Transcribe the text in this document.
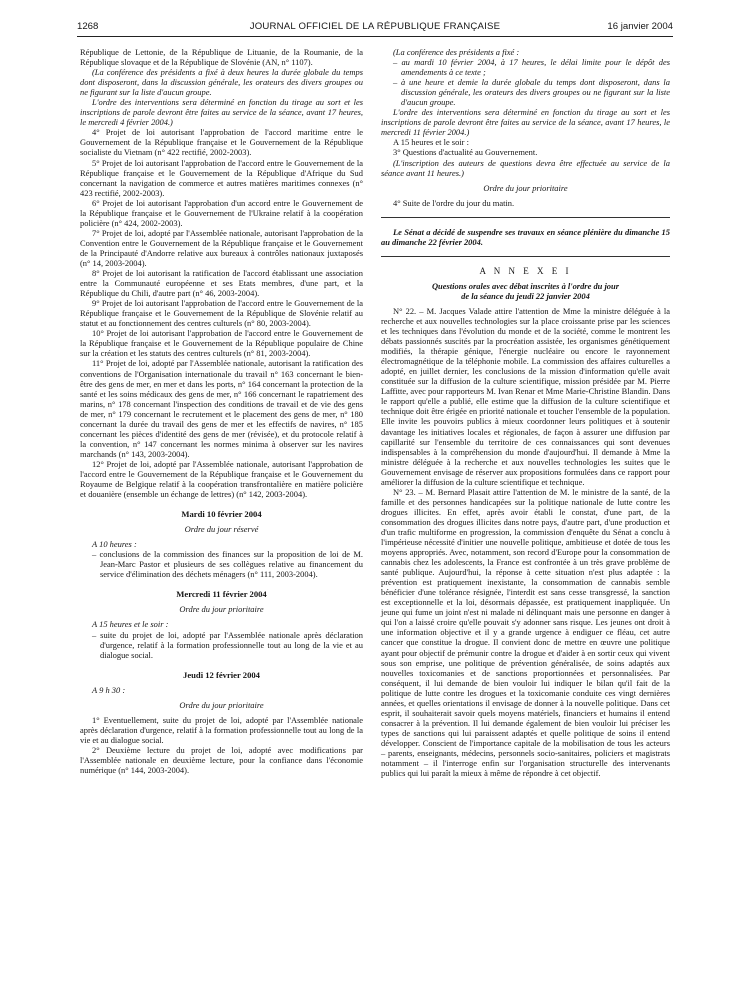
1268	JOURNAL OFFICIEL DE LA RÉPUBLIQUE FRANÇAISE	16 janvier 2004

République de Lettonie, de la République de Lituanie, de la Roumanie, de la République slovaque et de la République de Slovénie (AN, n° 1107).

(La conférence des présidents a fixé à deux heures la durée globale du temps dont disposeront, dans la discussion générale, les orateurs des divers groupes ou ne figurant sur la liste d'aucun groupe.

L'ordre des interventions sera déterminé en fonction du tirage au sort et les inscriptions de parole devront être faites au service de la séance, avant 17 heures, le mercredi 4 février 2004.)

4° Projet de loi autorisant l'approbation de l'accord maritime entre le Gouvernement de la République française et le Gouvernement de la République socialiste du Vietnam (n° 422 rectifié, 2002-2003).

5° Projet de loi autorisant l'approbation de l'accord entre le Gouvernement de la République française et le Gouvernement de la République d'Afrique du Sud concernant la navigation de commerce et autres matières maritimes connexes (n° 423 rectifié, 2002-2003).

6° Projet de loi autorisant l'approbation d'un accord entre le Gouvernement de la République française et le Gouvernement de l'Ukraine relatif à la coopération policière (n° 424, 2002-2003).

7° Projet de loi, adopté par l'Assemblée nationale, autorisant l'approbation de la Convention entre le Gouvernement de la République française et le Gouvernement de la Principauté d'Andorre relative aux bureaux à contrôles nationaux juxtaposés (n° 14, 2003-2004).

8° Projet de loi autorisant la ratification de l'accord établissant une association entre la Communauté européenne et ses Etats membres, d'une part, et la République du Chili, d'autre part (n° 46, 2003-2004).

9° Projet de loi autorisant l'approbation de l'accord entre le Gouvernement de la République française et le Gouvernement de la République de Slovénie relatif au statut et au fonctionnement des centres culturels (n° 80, 2003-2004).

10° Projet de loi autorisant l'approbation de l'accord entre le Gouvernement de la République française et le Gouvernement de la République populaire de Chine sur la création et les statuts des centres culturels (n° 81, 2003-2004).

11° Projet de loi, adopté par l'Assemblée nationale, autorisant la ratification des conventions de l'Organisation internationale du travail n° 163 concernant le bien-être des gens de mer, en mer et dans les ports, n° 164 concernant la protection de la santé et les soins médicaux des gens de mer, n° 166 concernant le rapatriement des marins, n° 178 concernant l'inspection des conditions de travail et de vie des gens de mer, n° 179 concernant le recrutement et le placement des gens de mer, n° 180 concernant la durée du travail des gens de mer et les effectifs de navires, n° 185 concernant les pièces d'identité des gens de mer (révisée), et du protocole relatif à la convention, n° 147 concernant les normes minima à observer sur les navires marchands (n° 143, 2003-2004).

12° Projet de loi, adopté par l'Assemblée nationale, autorisant l'approbation de l'accord entre le Gouvernement de la République française et le Gouvernement du Royaume de Belgique relatif à la coopération transfrontalière en matière policière et douanière (ensemble un échange de lettres) (n° 142, 2003-2004).

Mardi 10 février 2004

Ordre du jour réservé

A 10 heures :

– conclusions de la commission des finances sur la proposition de loi de M. Jean-Marc Pastor et plusieurs de ses collègues relative au financement du service d'élimination des déchets ménagers (n° 111, 2003-2004).

Mercredi 11 février 2004

Ordre du jour prioritaire

A 15 heures et le soir :

– suite du projet de loi, adopté par l'Assemblée nationale après déclaration d'urgence, relatif à la formation professionnelle tout au long de la vie et au dialogue social.

Jeudi 12 février 2004

A 9 h 30 :

Ordre du jour prioritaire

1° Eventuellement, suite du projet de loi, adopté par l'Assemblée nationale après déclaration d'urgence, relatif à la formation professionnelle tout au long de la vie et au dialogue social.

2° Deuxième lecture du projet de loi, adopté avec modifications par l'Assemblée nationale en deuxième lecture, pour la confiance dans l'économie numérique (n° 144, 2003-2004).

(La conférence des présidents a fixé :

– au mardi 10 février 2004, à 17 heures, le délai limite pour le dépôt des amendements à ce texte ;

– à une heure et demie la durée globale du temps dont disposeront, dans la discussion générale, les orateurs des divers groupes ou ne figurant sur la liste d'aucun groupe.

L'ordre des interventions sera déterminé en fonction du tirage au sort et les inscriptions de parole devront être faites au service de la séance, avant 17 heures, le mercredi 11 février 2004.)

A 15 heures et le soir :

3° Questions d'actualité au Gouvernement.

(L'inscription des auteurs de questions devra être effectuée au service de la séance avant 11 heures.)

Ordre du jour prioritaire

4° Suite de l'ordre du jour du matin.

Le Sénat a décidé de suspendre ses travaux en séance plénière du dimanche 15 au dimanche 22 février 2004.

A N N E X E I

Questions orales avec débat inscrites à l'ordre du jour

de la séance du jeudi 22 janvier 2004

N° 22. – M. Jacques Valade attire l'attention de Mme la ministre déléguée à la recherche et aux nouvelles technologies sur la place croissante prise par les sciences et les techniques dans l'évolution du monde et de la société, comme le montrent les débats passionnés suscités par la procréation assistée, les organismes génétiquement modifiés, la thérapie génique, l'énergie nucléaire ou encore le rayonnement électromagnétique de la téléphonie mobile. La commission des affaires culturelles a adopté, en juillet dernier, les conclusions de la mission d'information qu'elle avait constituée sur la diffusion de la culture scientifique, mission présidée par M. Pierre Laffitte, avec pour rapporteurs M. Ivan Renar et Mme Marie-Christine Blandin. Dans le rapport qu'elle a publié, elle estime que la diffusion de la culture scientifique et technique doit être érigée en priorité nationale et toucher l'ensemble de la population. Elle invite les pouvoirs publics à mieux coordonner leurs politiques et à soutenir davantage les initiatives locales et régionales, de façon à assurer une diffusion par capillarité sur l'ensemble du territoire de ces connaissances qui sont devenues indispensables à la compréhension du monde d'aujourd'hui. Il demande à Mme la ministre déléguée à la recherche et aux nouvelles technologies les suites que le Gouvernement envisage de réserver aux propositions formulées dans ce rapport pour améliorer la diffusion de la culture scientifique et technique.

N° 23. – M. Bernard Plasait attire l'attention de M. le ministre de la santé, de la famille et des personnes handicapées sur la politique nationale de lutte contre les drogues illicites. En effet, après avoir établi le constat, d'une part, de la consommation des drogues illicites dans notre pays, d'autre part, d'une production et d'un trafic multiforme en progression, la commission d'enquête du Sénat a conclu à l'impérieuse nécessité d'initier une nouvelle politique, ambitieuse et dotée de tous les moyens appropriés. Avec, notamment, son record d'Europe pour la consommation de cannabis chez les adolescents, la France est confrontée à un très grave problème de santé publique. Aujourd'hui, la réponse à cette situation n'est plus adaptée : la prévention est pratiquement inexistante, la consommation de cannabis semble bénéficier d'une tolérance résignée, l'interdit est sans cesse transgressé, la sanction est exceptionnelle et la loi, désormais dépassée, est pratiquement inappliquée. Un jeune qui fume un joint n'est ni malade ni délinquant mais une personne en danger à qui l'on a laissé croire qu'elle pouvait s'y adonner sans risque. Les jeunes ont droit à une information objective et il y a grande urgence à endiguer ce fléau, cet autre cancer que constitue la drogue. Il convient donc de mettre en œuvre une politique ayant pour objectif de prémunir contre la drogue et d'aider à en sortir ceux qui vivent sous son emprise, une politique de prévention généralisée, de soins adaptés aux nouvelles toxicomanies et de sanctions proportionnées et personnalisées. Par conséquent, il lui demande de bien vouloir lui indiquer le bilan qu'il fait de la politique de lutte contre les drogues et la toxicomanie conduite ces vingt dernières années, et quelles orientations il envisage de donner à la nouvelle politique. Dans cet esprit, il souhaiterait savoir quels moyens matériels, financiers et humains il entend consacrer à la prévention. Il lui demande également de bien vouloir lui préciser les types de sanctions qui lui paraissent adaptés et quelle politique de soins il entend développer. Conscient de l'importance capitale de la mobilisation de tous les acteurs – parents, enseignants, médecins, personnels socio-sanitaires, policiers et magistrats notamment – il l'interroge enfin sur l'organisation structurelle des intervenants publics qui lui paraît la mieux à même de répondre à cet objectif.
